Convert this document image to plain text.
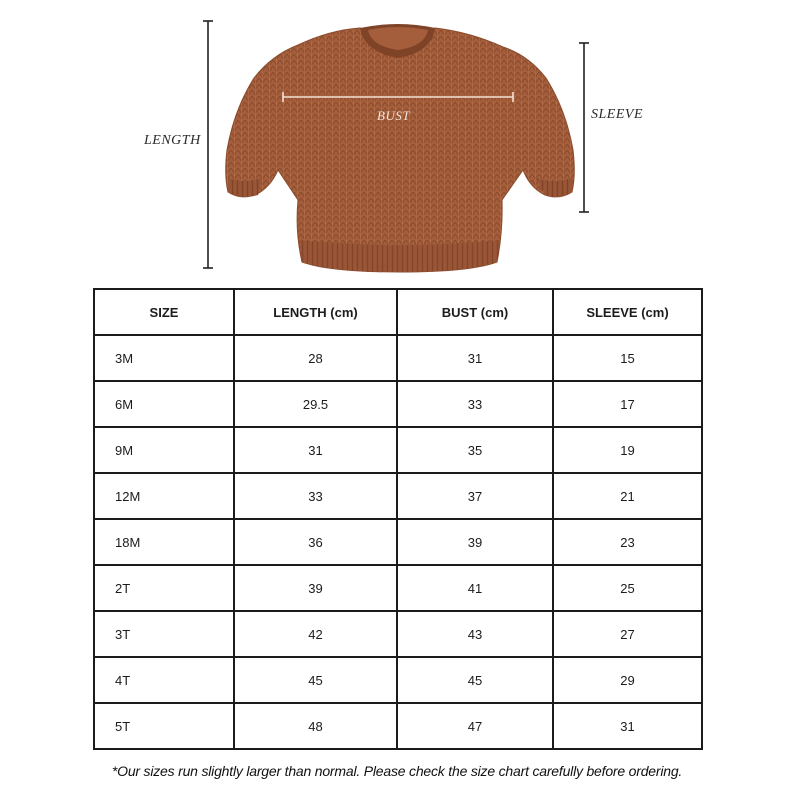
LENGTH
BUST	SLEEVE
SIZE	LENGTH (cm)	BUST (cm)	SLEEVE (cm)
3M	28	31	15
6M	29.5	33	17
9M	31	35	19
12M	33	37	21
18M	36	39	23
2T	39	41	25
3T	42	43	27
4T	45	45	29
5T	48	47	31
*Our sizes run slightly larger than normal. Please check the size chart carefully before ordering.
